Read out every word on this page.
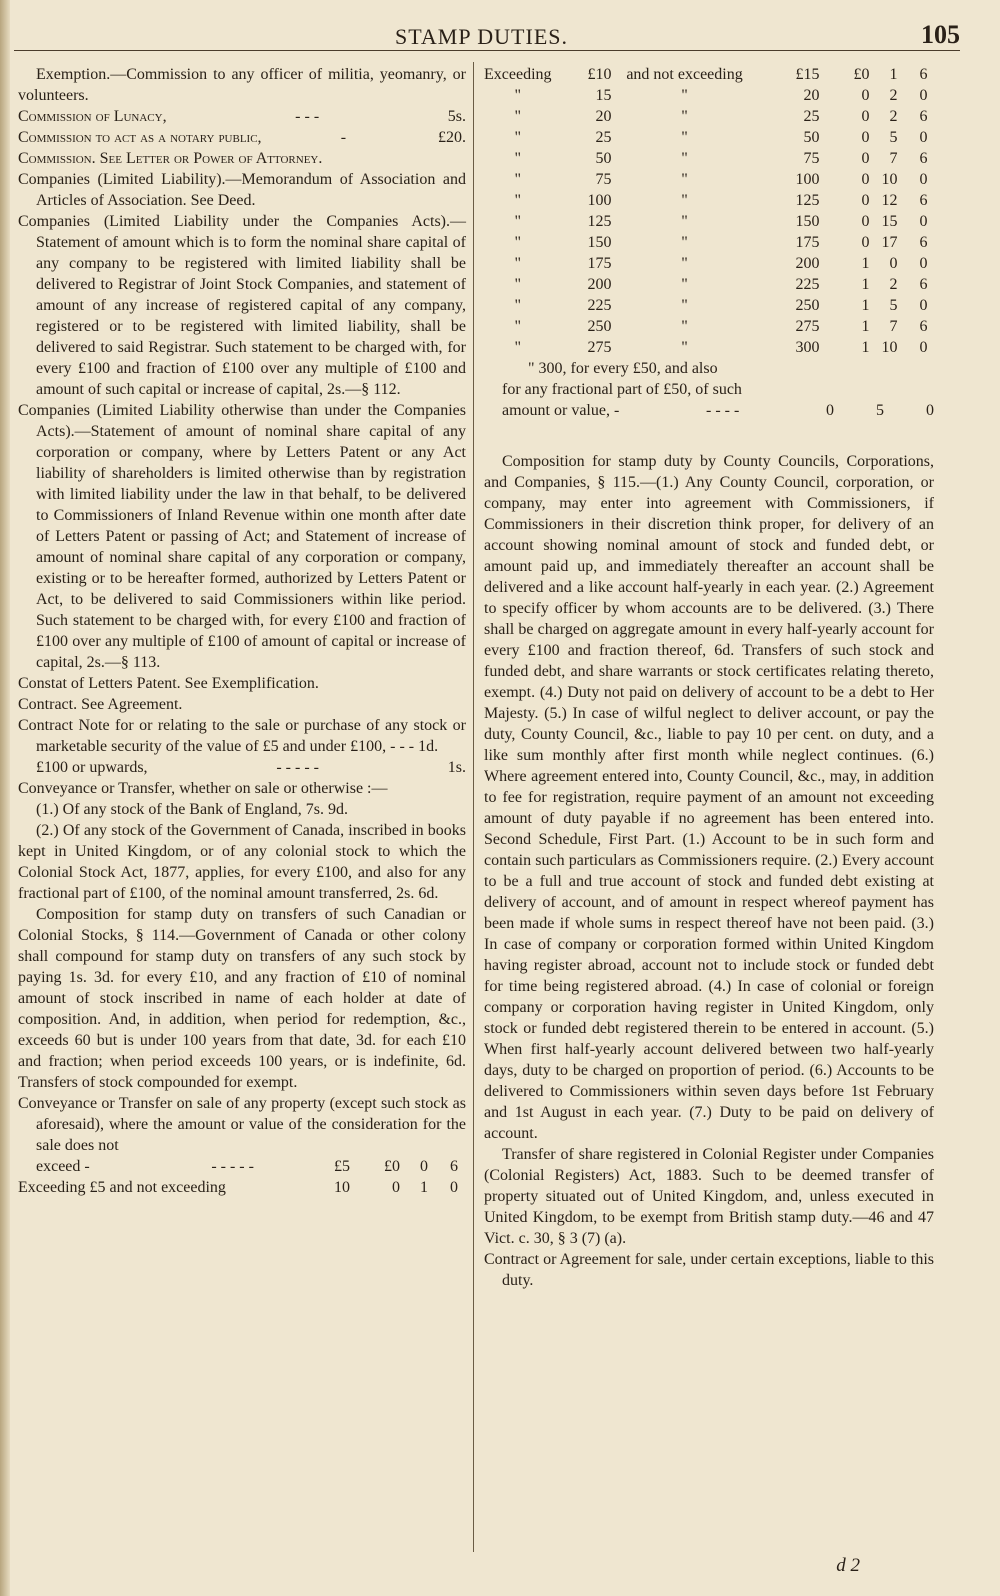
STAMP DUTIES.	105

Exemption.—Commission to any officer of militia, yeomanry, or volunteers.

Commission of Lunacy,	- - -	5s.

Commission to act as a notary public,	-	£20.

Commission. See Letter or Power of Attorney.

Companies (Limited Liability).—Memorandum of Association and Articles of Association. See Deed.

Companies (Limited Liability under the Companies Acts).—Statement of amount which is to form the nominal share capital of any company to be registered with limited liability shall be delivered to Registrar of Joint Stock Companies, and statement of amount of any increase of registered capital of any company, registered or to be registered with limited liability, shall be delivered to said Registrar. Such statement to be charged with, for every £100 and fraction of £100 over any multiple of £100 and amount of such capital or increase of capital, 2s.—§ 112.

Companies (Limited Liability otherwise than under the Companies Acts).—Statement of amount of nominal share capital of any corporation or company, where by Letters Patent or any Act liability of shareholders is limited otherwise than by registration with limited liability under the law in that behalf, to be delivered to Commissioners of Inland Revenue within one month after date of Letters Patent or passing of Act; and Statement of increase of amount of nominal share capital of any corporation or company, existing or to be hereafter formed, authorized by Letters Patent or Act, to be delivered to said Commissioners within like period. Such statement to be charged with, for every £100 and fraction of £100 over any multiple of £100 of amount of capital or increase of capital, 2s.—§ 113.

Constat of Letters Patent. See Exemplification.

Contract. See Agreement.

Contract Note for or relating to the sale or purchase of any stock or marketable security of the value of £5 and under £100, - - - 1d.

£100 or upwards,	- - - - -	1s.

Conveyance or Transfer, whether on sale or otherwise :—

(1.) Of any stock of the Bank of England, 7s. 9d.

(2.) Of any stock of the Government of Canada, inscribed in books kept in United Kingdom, or of any colonial stock to which the Colonial Stock Act, 1877, applies, for every £100, and also for any fractional part of £100, of the nominal amount transferred, 2s. 6d.

Composition for stamp duty on transfers of such Canadian or Colonial Stocks, § 114.—Government of Canada or other colony shall compound for stamp duty on transfers of any such stock by paying 1s. 3d. for every £10, and any fraction of £10 of nominal amount of stock inscribed in name of each holder at date of composition. And, in addition, when period for redemption, &c., exceeds 60 but is under 100 years from that date, 3d. for each £10 and fraction; when period exceeds 100 years, or is indefinite, 6d. Transfers of stock compounded for exempt.

Conveyance or Transfer on sale of any property (except such stock as aforesaid), where the amount or value of the consideration for the sale does not

exceed -	- - - - -	£5	£0	0	6
Exceeding £5 and not exceeding		10	0	1	0
Exceeding	£10	and not exceeding	£15	£0	1	6
"	15	"	20	0	2	0
"	20	"	25	0	2	6
"	25	"	50	0	5	0
"	50	"	75	0	7	6
"	75	"	100	0	10	0
"	100	"	125	0	12	6
"	125	"	150	0	15	0
"	150	"	175	0	17	6
"	175	"	200	1	0	0
"	200	"	225	1	2	6
"	225	"	250	1	5	0
"	250	"	275	1	7	6
"	275	"	300	1	10	0

" 300, for every £50, and also

for any fractional part of £50, of such

amount or value, -	- - - -	0	5	0

Composition for stamp duty by County Councils, Corporations, and Companies, § 115.—(1.) Any County Council, corporation, or company, may enter into agreement with Commissioners, if Commissioners in their discretion think proper, for delivery of an account showing nominal amount of stock and funded debt, or amount paid up, and immediately thereafter an account shall be delivered and a like account half-yearly in each year. (2.) Agreement to specify officer by whom accounts are to be delivered. (3.) There shall be charged on aggregate amount in every half-yearly account for every £100 and fraction thereof, 6d. Transfers of such stock and funded debt, and share warrants or stock certificates relating thereto, exempt. (4.) Duty not paid on delivery of account to be a debt to Her Majesty. (5.) In case of wilful neglect to deliver account, or pay the duty, County Council, &c., liable to pay 10 per cent. on duty, and a like sum monthly after first month while neglect continues. (6.) Where agreement entered into, County Council, &c., may, in addition to fee for registration, require payment of an amount not exceeding amount of duty payable if no agreement has been entered into. Second Schedule, First Part. (1.) Account to be in such form and contain such particulars as Commissioners require. (2.) Every account to be a full and true account of stock and funded debt existing at delivery of account, and of amount in respect whereof payment has been made if whole sums in respect thereof have not been paid. (3.) In case of company or corporation formed within United Kingdom having register abroad, account not to include stock or funded debt for time being registered abroad. (4.) In case of colonial or foreign company or corporation having register in United Kingdom, only stock or funded debt registered therein to be entered in account. (5.) When first half-yearly account delivered between two half-yearly days, duty to be charged on proportion of period. (6.) Accounts to be delivered to Commissioners within seven days before 1st February and 1st August in each year. (7.) Duty to be paid on delivery of account.

Transfer of share registered in Colonial Register under Companies (Colonial Registers) Act, 1883. Such to be deemed transfer of property situated out of United Kingdom, and, unless executed in United Kingdom, to be exempt from British stamp duty.—46 and 47 Vict. c. 30, § 3 (7) (a).

Contract or Agreement for sale, under certain exceptions, liable to this duty.

d 2
